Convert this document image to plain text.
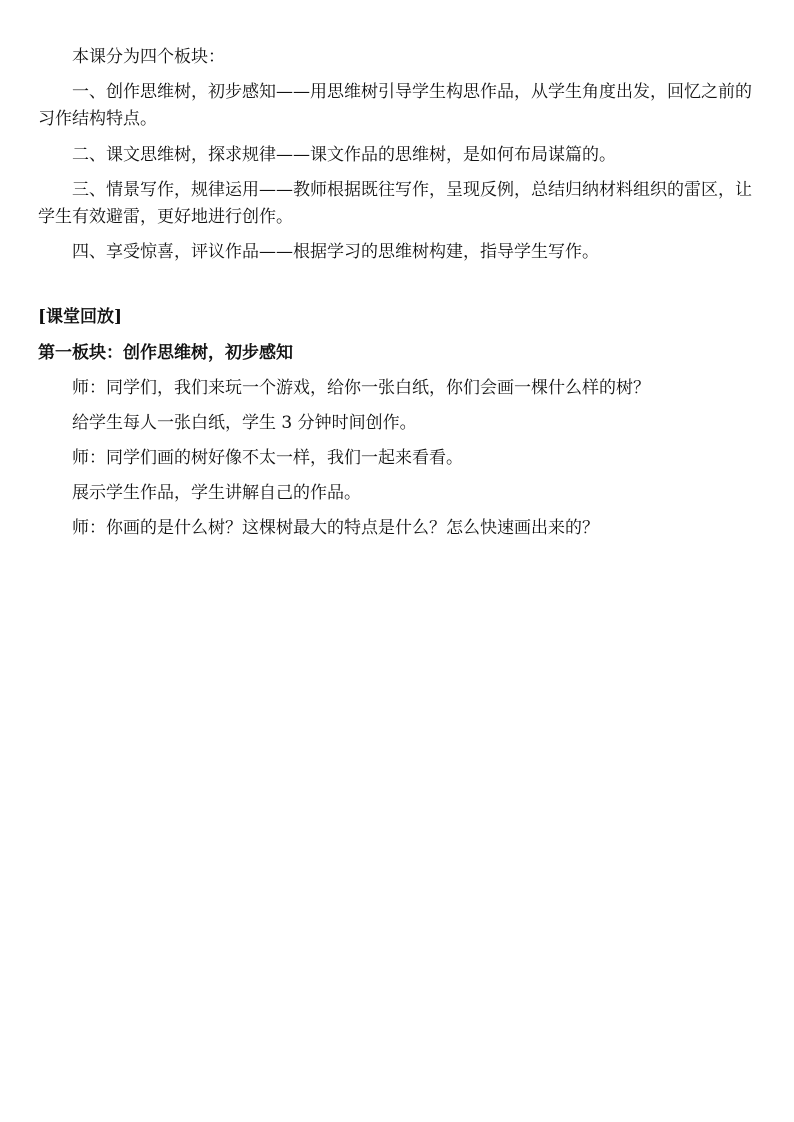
本课分为四个板块：

一、创作思维树，初步感知——用思维树引导学生构思作品，从学生角度出发，回忆之前的习作结构特点。

二、课文思维树，探求规律——课文作品的思维树，是如何布局谋篇的。

三、情景写作，规律运用——教师根据既往写作，呈现反例，总结归纳材料组织的雷区，让学生有效避雷，更好地进行创作。

四、享受惊喜，评议作品——根据学习的思维树构建，指导学生写作。

[课堂回放]

第一板块：创作思维树，初步感知

师：同学们，我们来玩一个游戏，给你一张白纸，你们会画一棵什么样的树？

给学生每人一张白纸，学生 3 分钟时间创作。

师：同学们画的树好像不太一样，我们一起来看看。

展示学生作品，学生讲解自己的作品。

师：你画的是什么树？这棵树最大的特点是什么？怎么快速画出来的？
